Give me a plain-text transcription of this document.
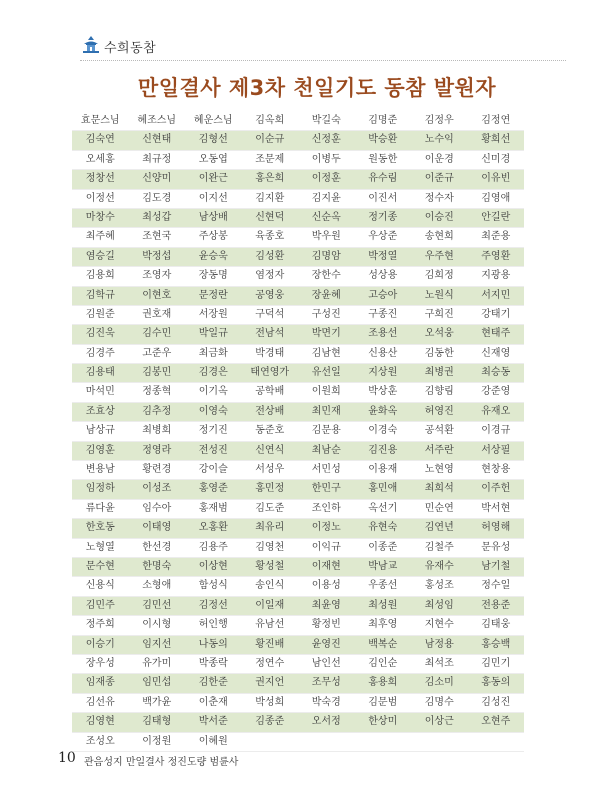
수희동참
만일결사 제3차 천일기도 동참 발원자
효문스님	혜조스님	혜운스님	김옥희	박길숙	김명준	김정우	김정연
김숙연	신현태	김형선	이순규	신정훈	박승환	노수익	황희선
오세홍	최규정	오동엽	조문제	이병두	원동한	이운경	신미경
정창선	신양미	이완근	홍은희	이정훈	유수림	이준규	이유빈
이정선	김도경	이지선	김지환	김지윤	이진서	정수자	김영애
마창수	최성갑	남상배	신현덕	신순옥	정기종	이승진	안길란
최주혜	조현국	주상봉	육종호	박우원	우상준	송현희	최준용
염승길	박정섭	윤승욱	김성환	김명암	박정열	우주현	주영환
김용희	조영자	장동명	염정자	장한수	성상용	김희정	지광용
김학규	이현호	문정란	공영웅	장윤혜	고승아	노원식	서지민
김원준	권호재	서장원	구덕석	구성진	구종진	구희진	강태기
김진욱	김수민	박일규	전남석	박면기	조용선	오석웅	현태주
김경주	고준우	최금화	박경태	김남현	신용산	김동한	신재영
김용태	김봉민	김경은	태연영가	유선일	지상원	최병권	최승동
마석민	정종혁	이기옥	공학배	이원희	박상훈	김향림	강준영
조효상	김추정	이영숙	전상배	최민재	윤화옥	허영진	유재오
남상규	최병희	정기진	동준호	김문용	이경숙	공석환	이경규
김영훈	정영라	전성진	신연식	최남순	김진용	서주란	서상필
변용남	황련경	강이슬	서성우	서민성	이용재	노현영	현창용
임정하	이성조	홍영준	홍민정	한민구	홍민애	최희석	이주헌
류다윤	임수아	홍재범	김도준	조인하	옥선기	민순연	박서현
한호동	이태영	오홍환	최유리	이정노	유현숙	김연년	허영해
노형열	한선경	김용주	김영천	이익규	이종준	김철주	문유성
문수현	한명숙	이상현	황성철	이재현	박남교	유재수	남기철
신용식	소형애	함성식	송인식	이용성	우종선	홍성조	정수일
김민주	김민선	김정선	이일재	최윤영	최성원	최성임	전용준
정주희	이시형	허인행	유남선	황정빈	최후영	지현수	김태웅
이승기	임지선	나동의	황진배	윤영진	백복순	남정용	홍승백
장우성	유가미	박종락	정연수	남인선	김인순	최석조	김민기
임재종	임민섭	김한준	권지언	조무성	홍용희	김소미	홍동의
김선유	백가윤	이춘재	박성희	박숙경	김문범	김명수	김성진
김영현	김태형	박서준	김종준	오서정	한상미	이상근	오현주
조성오	이정원	이혜원
10 관음성지 만일결사 정진도량 범륜사
